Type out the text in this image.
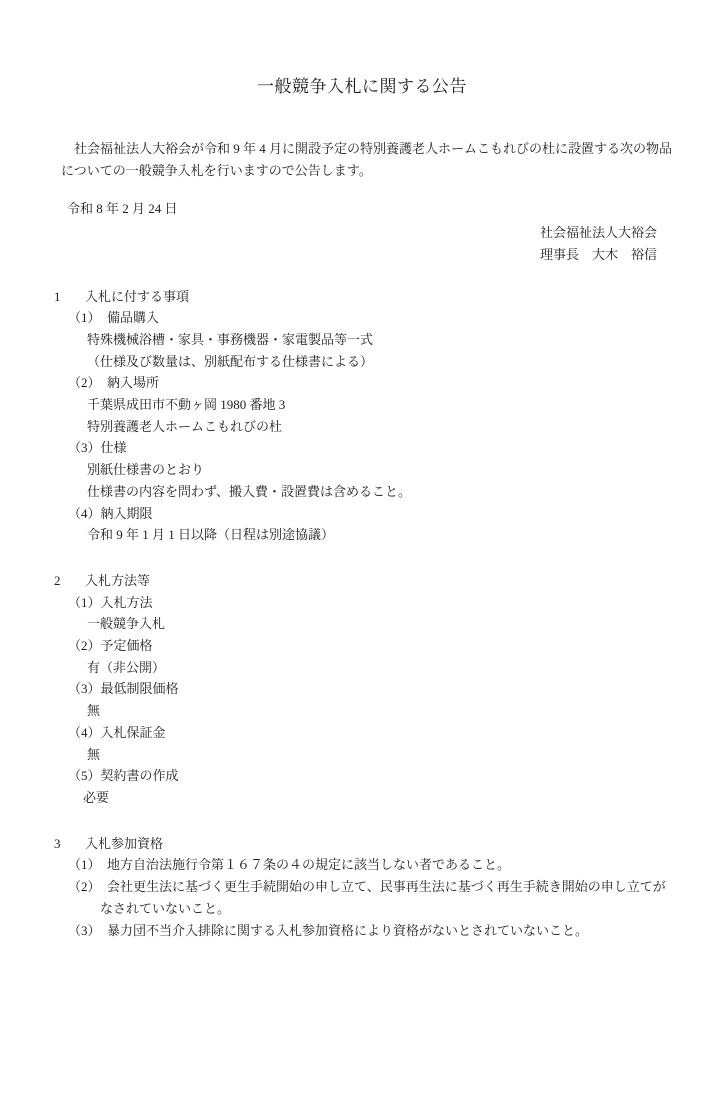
一般競争入札に関する公告
　社会福祉法人大裕会が令和 9 年 4 月に開設予定の特別養護老人ホームこもれびの杜に設置する次の物品
についての一般競争入札を行いますので公告します。
令和 8 年 2 月 24 日
社会福祉法人大裕会
理事長　大木　裕信
1	入札に付する事項
（1）　備品購入
特殊機械浴槽・家具・事務機器・家電製品等一式
（仕様及び数量は、別紙配布する仕様書による）
（2）　納入場所
千葉県成田市不動ヶ岡 1980 番地 3
特別養護老人ホームこもれびの杜
（3）仕様
別紙仕様書のとおり
仕様書の内容を問わず、搬入費・設置費は含めること。
（4）納入期限
令和 9 年 1 月 1 日以降（日程は別途協議）
2	入札方法等
（1）入札方法
一般競争入札
（2）予定価格
有（非公開）
（3）最低制限価格
無
（4）入札保証金
無
（5）契約書の作成
必要
3	入札参加資格
（1）　地方自治法施行令第１６７条の４の規定に該当しない者であること。
（2）　会社更生法に基づく更生手続開始の申し立て、民事再生法に基づく再生手続き開始の申し立てが
なされていないこと。
（3）　暴力団不当介入排除に関する入札参加資格により資格がないとされていないこと。
